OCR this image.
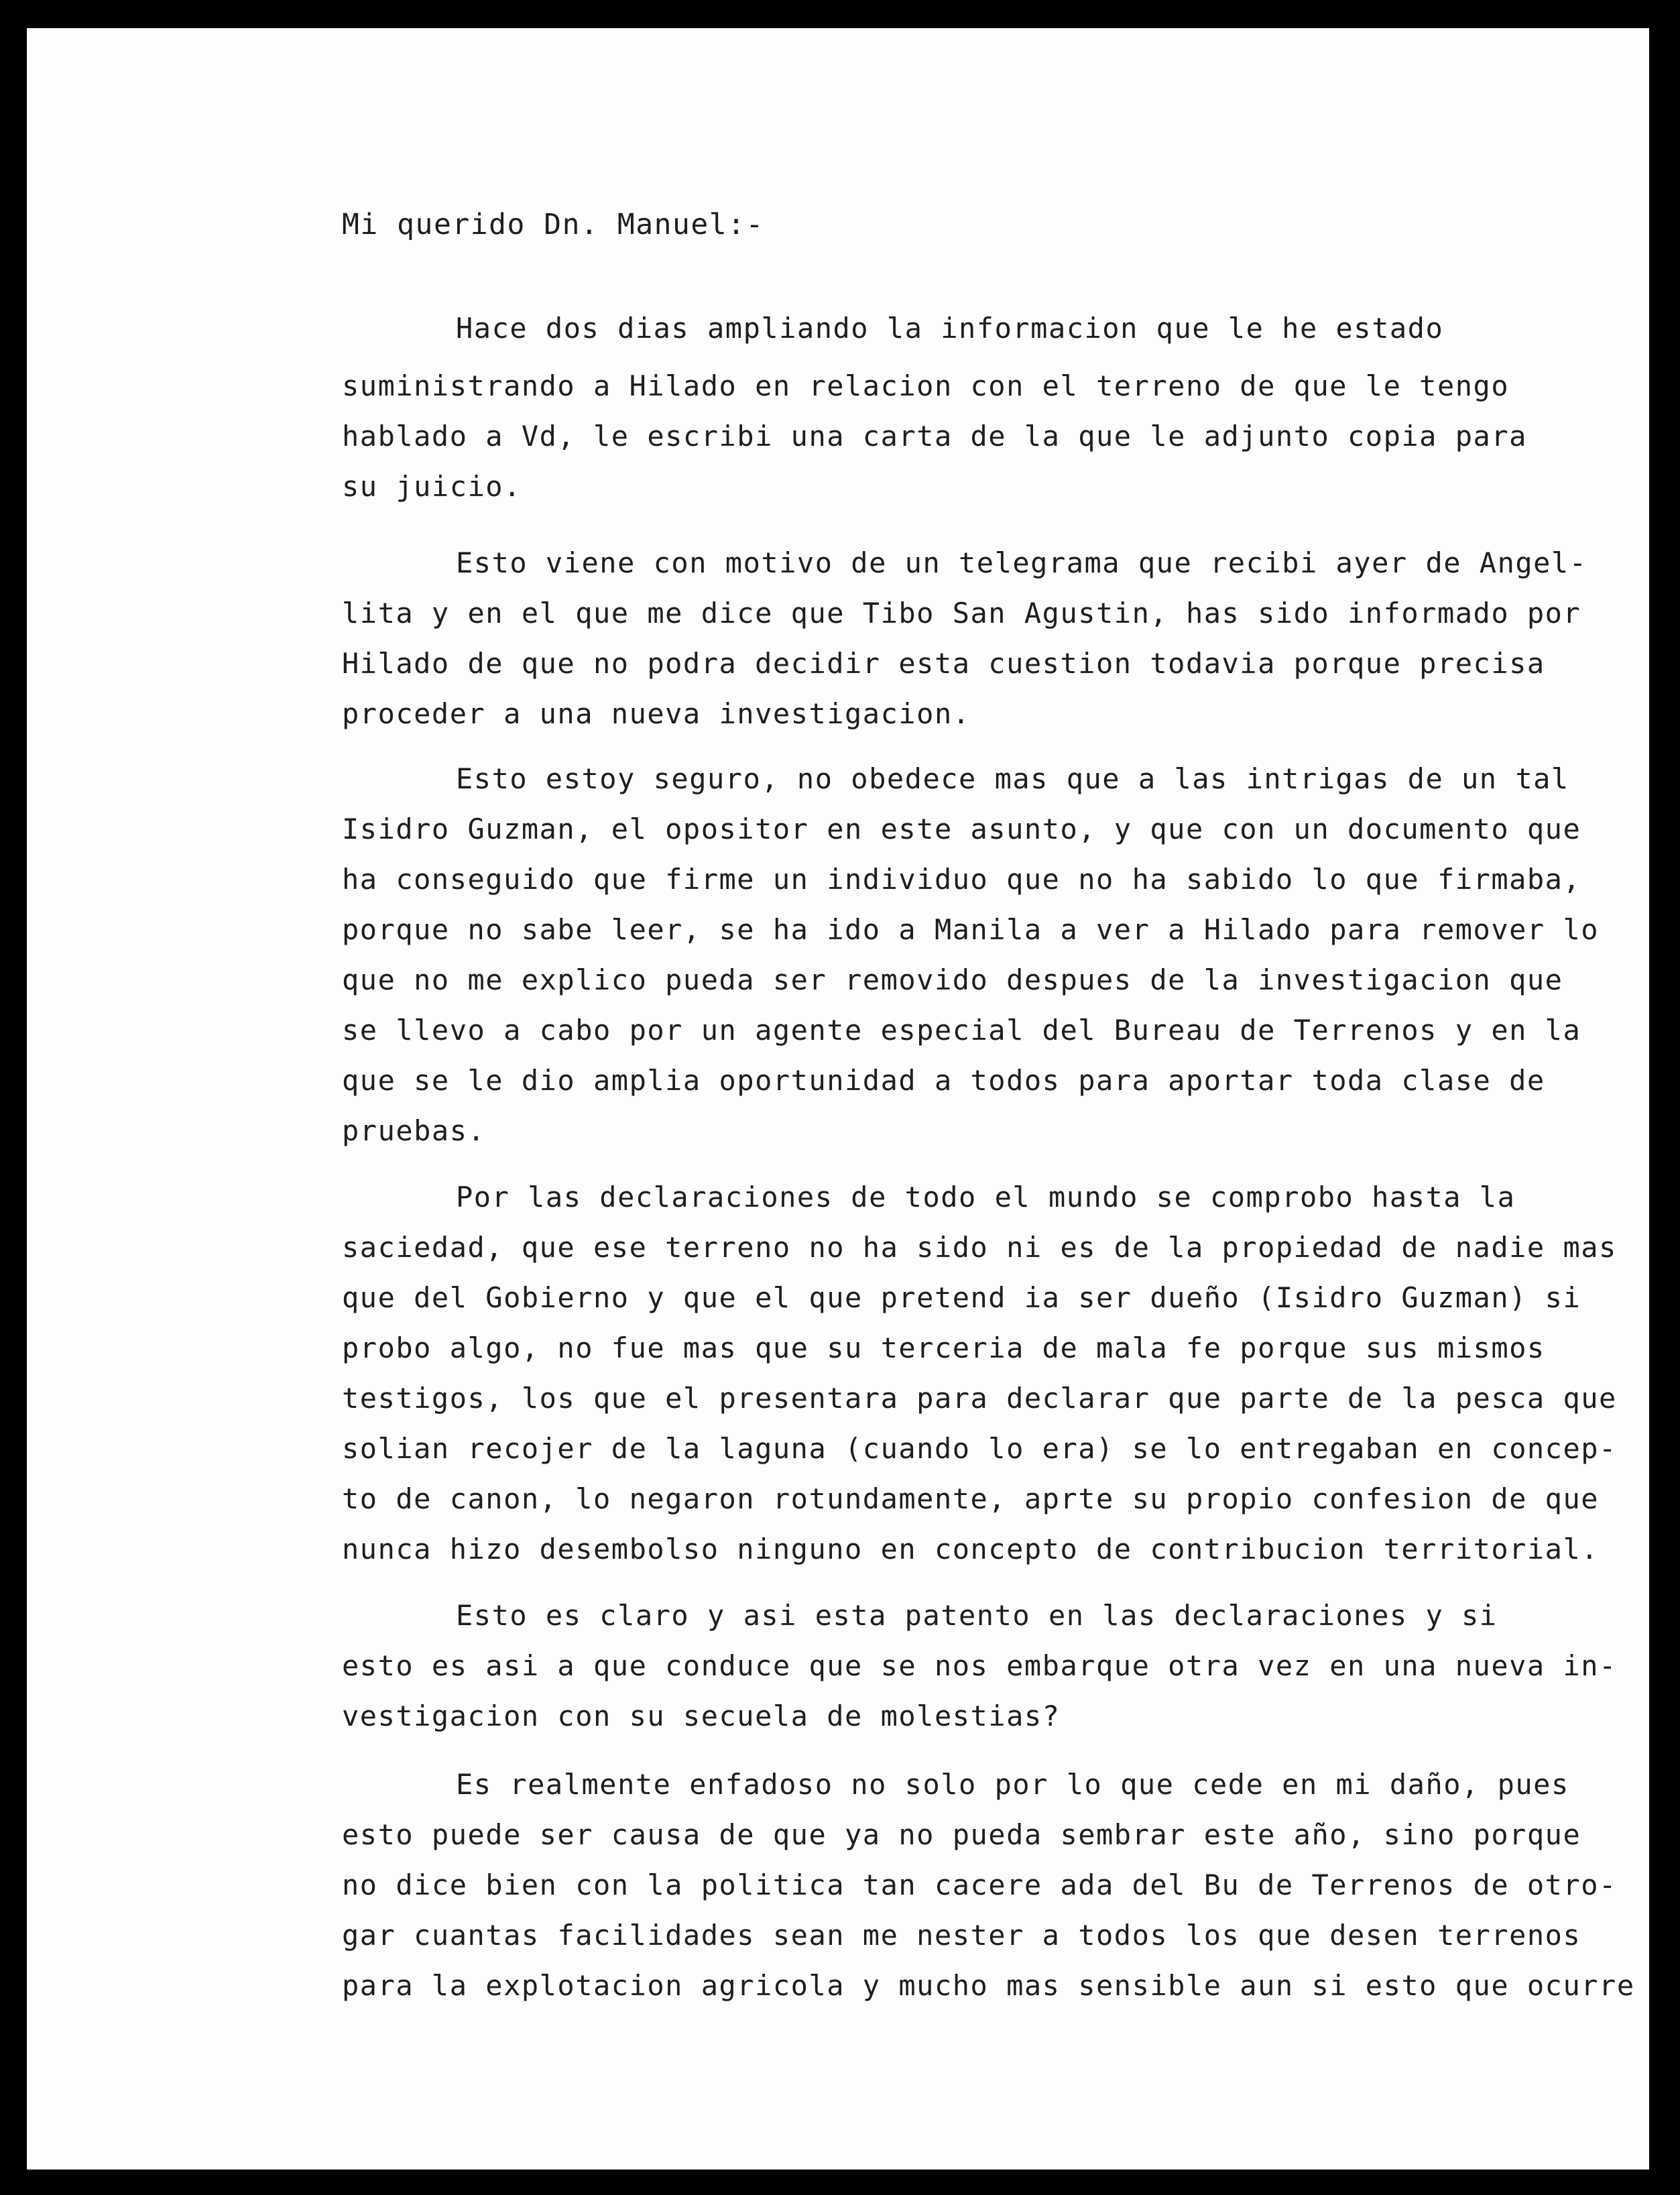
Mi querido Dn. Manuel:-
Hace dos dias ampliando la informacion que le he estado
suministrando a Hilado en relacion con el terreno de que le tengo
hablado a Vd, le escribi una carta de la que le adjunto copia para
su juicio.
Esto viene con motivo de un telegrama que recibi ayer de Angel-
lita y en el que me dice que Tibo San Agustin, has sido informado por
Hilado de que no podra decidir esta cuestion todavia porque precisa
proceder a una nueva investigacion.
Esto estoy seguro, no obedece mas que a las intrigas de un tal
Isidro Guzman, el opositor en este asunto, y que con un documento que
ha conseguido que firme un individuo que no ha sabido lo que firmaba,
porque no sabe leer, se ha ido a Manila a ver a Hilado para remover lo
que no me explico pueda ser removido despues de la investigacion que
se llevo a cabo por un agente especial del Bureau de Terrenos y en la
que se le dio amplia oportunidad a todos para aportar toda clase de
pruebas.
Por las declaraciones de todo el mundo se comprobo hasta la
saciedad, que ese terreno no ha sido ni es de la propiedad de nadie mas
que del Gobierno y que el que pretend ia ser dueño (Isidro Guzman) si
probo algo, no fue mas que su terceria de mala fe porque sus mismos
testigos, los que el presentara para declarar que parte de la pesca que
solian recojer de la laguna (cuando lo era) se lo entregaban en concep-
to de canon, lo negaron rotundamente, aprte su propio confesion de que
nunca hizo desembolso ninguno en concepto de contribucion territorial.
Esto es claro y asi esta patento en las declaraciones y si
esto es asi a que conduce que se nos embarque otra vez en una nueva in-
vestigacion con su secuela de molestias?
Es realmente enfadoso no solo por lo que cede en mi daño, pues
esto puede ser causa de que ya no pueda sembrar este año, sino porque
no dice bien con la politica tan cacere ada del Bu de Terrenos de otro-
gar cuantas facilidades sean me nester a todos los que desen terrenos
para la explotacion agricola y mucho mas sensible aun si esto que ocurre
